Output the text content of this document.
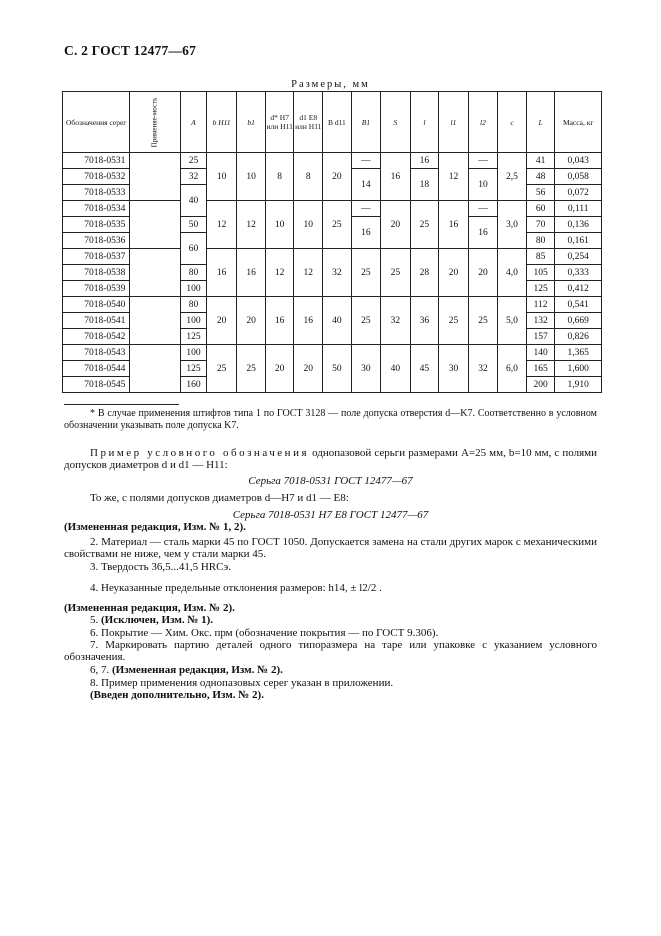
С. 2 ГОСТ 12477—67
Размеры, мм
Обозначения серег	Применяе-мость	A	b H11	b1	d* H7 или H11	d1 E8 или H11	B d11	B1	S	l	l1	l2	c	L	Масса, кг
7018-0531		25	10	10	8	8	20	—	16	16	12	—	2,5	41	0,043
7018-0532		32						14		18		10		48	0,058
7018-0533		40												56	0,072
7018-0534			12	12	10	10	25	—	20	25	16	—	3,0	60	0,111
7018-0535		50						16				16		70	0,136
7018-0536		60												80	0,161
7018-0537			16	16	12	12	32	25	25	28	20	20	4,0	85	0,254
7018-0538		80												105	0,333
7018-0539		100												125	0,412
7018-0540		80	20	20	16	16	40	25	32	36	25	25	5,0	112	0,541
7018-0541		100												132	0,669
7018-0542		125												157	0,826
7018-0543		100	25	25	20	20	50	30	40	45	30	32	6,0	140	1,365
7018-0544		125												165	1,600
7018-0545		160												200	1,910
* В случае применения штифтов типа 1 по ГОСТ 3128 — поле допуска отверстия d—K7. Соответственно в условном обозначении указывать поле допуска K7.
Пример условного обозначения однопазовой серьги размерами A=25 мм, b=10 мм, с полями допусков диаметров d и d1 — H11:
Серьга 7018-0531 ГОСТ 12477—67
То же, с полями допусков диаметров d—H7 и d1 — E8:
Серьга 7018-0531 H7 E8 ГОСТ 12477—67
(Измененная редакция, Изм. № 1, 2).
2. Материал — сталь марки 45 по ГОСТ 1050. Допускается замена на стали других марок с механическими свойствами не ниже, чем у стали марки 45.
3. Твердость 36,5...41,5 HRCэ.
4. Неуказанные предельные отклонения размеров: h14, ± l2/2 .
(Измененная редакция, Изм. № 2).
5. (Исключен, Изм. № 1).
6. Покрытие — Хим. Окс. прм (обозначение покрытия — по ГОСТ 9.306).
7. Маркировать партию деталей одного типоразмера на таре или упаковке с указанием условного обозначения.
6, 7. (Измененная редакция, Изм. № 2).
8. Пример применения однопазовых серег указан в приложении.
(Введен дополнительно, Изм. № 2).
